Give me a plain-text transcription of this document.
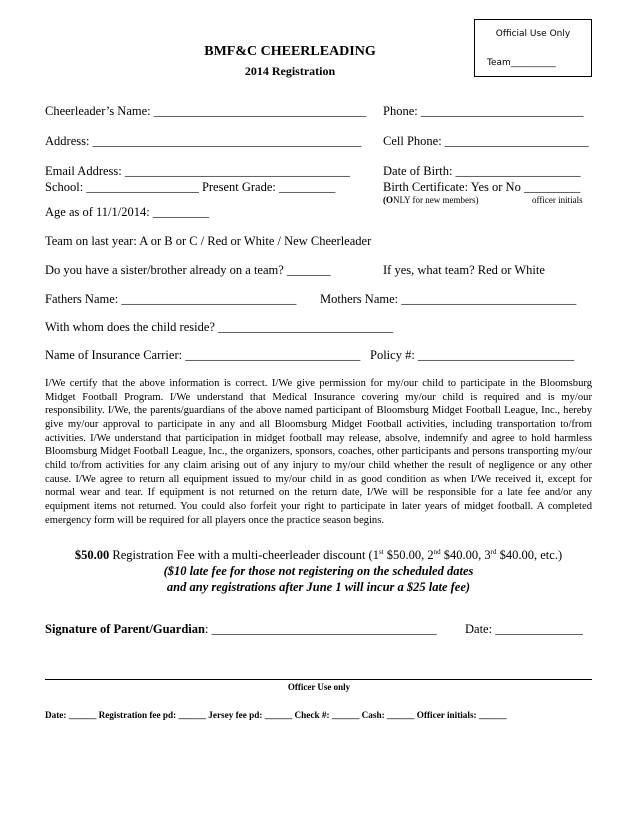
Official Use Only
Team__________
BMF&C CHEERLEADING
2014 Registration
Cheerleader’s Name: __________________________________ Phone: __________________________
Address: ___________________________________________ Cell Phone: _______________________
Email Address: ____________________________________	Date of Birth: ____________________
School: __________________ Present Grade: _________	Birth Certificate: Yes or No _________
(ONLY for new members)	officer initials
Age as of 11/1/2014: _________
Team on last year: A or B or C / Red or White / New Cheerleader
Do you have a sister/brother already on a team? _______	If yes, what team? Red or White
Fathers Name: ____________________________ Mothers Name: ____________________________
With whom does the child reside? ____________________________
Name of Insurance Carrier: ____________________________ Policy #: _________________________
I/We certify that the above information is correct. I/We give permission for my/our child to participate in the Bloomsburg Midget Football Program. I/We understand that Medical Insurance covering my/our child is required and is my/our responsibility. I/We, the parents/guardians of the above named participant of Bloomsburg Midget Football League, Inc., hereby give my/our approval to participate in any and all Bloomsburg Midget Football activities, including transportation to/from activities. I/We understand that participation in midget football may release, absolve, indemnify and agree to hold harmless Bloomsburg Midget Football League, Inc., the organizers, sponsors, coaches, other participants and persons transporting my/our child to/from activities for any claim arising out of any injury to my/our child whether the result of negligence or any other cause. I/We agree to return all equipment issued to my/our child in as good condition as when I/We received it, except for normal wear and tear. If equipment is not returned on the return date, I/We will be responsible for a late fee and/or any equipment items not returned. You could also forfeit your right to participate in later years of midget football. A completed emergency form will be required for all players once the practice season begins.
$50.00 Registration Fee with a multi-cheerleader discount (1st $50.00, 2nd $40.00, 3rd $40.00, etc.)
($10 late fee for those not registering on the scheduled dates
and any registrations after June 1 will incur a $25 late fee)
Signature of Parent/Guardian: ____________________________________ Date: ______________
Officer Use only
Date: ______ Registration fee pd: ______ Jersey fee pd: ______ Check #: ______ Cash: ______ Officer initials: ______
